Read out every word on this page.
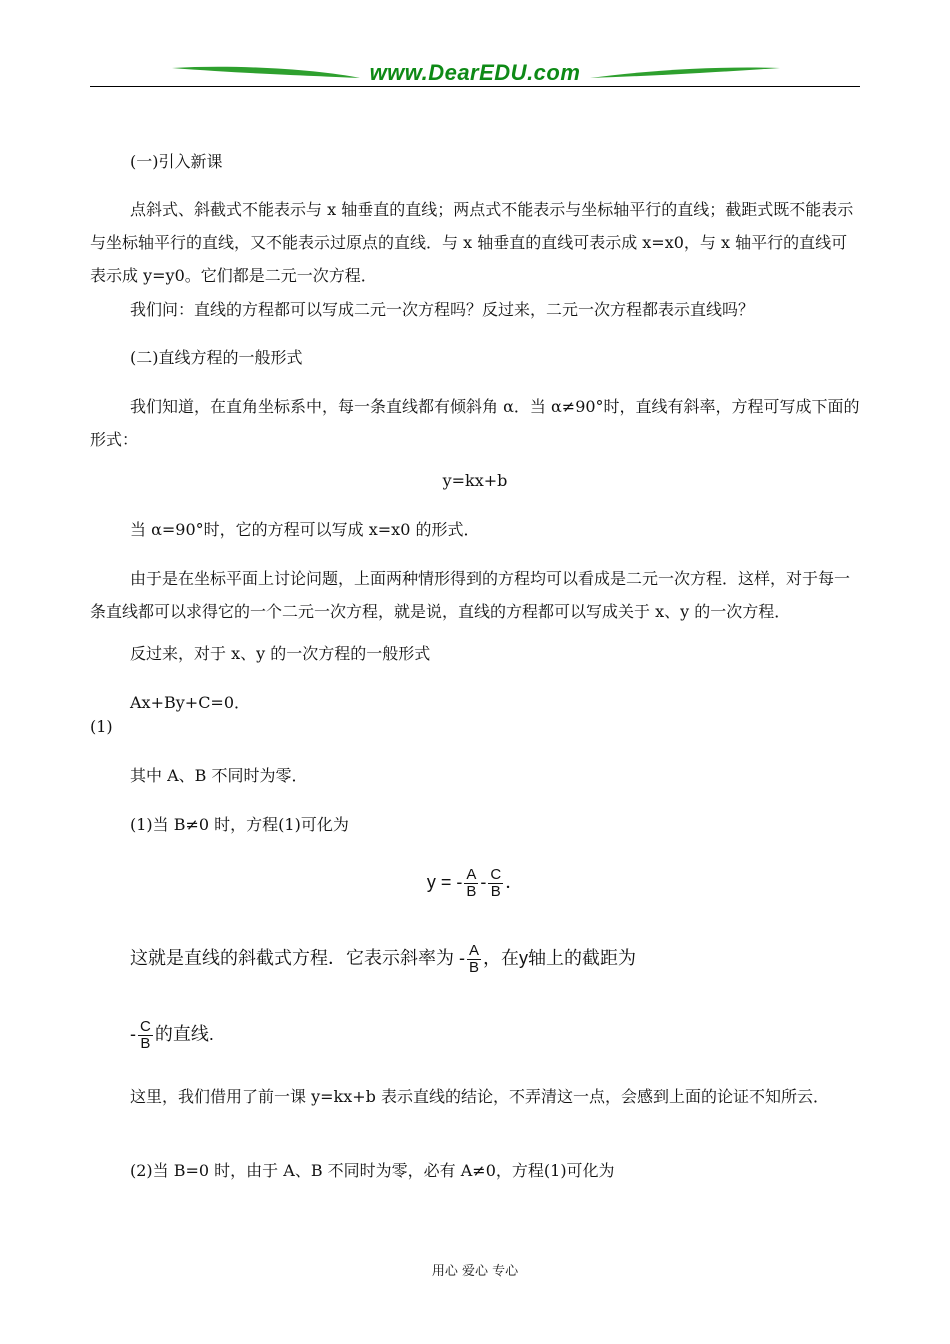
www.DearEDU.com

(一)引入新课

点斜式、斜截式不能表示与 x 轴垂直的直线；两点式不能表示与坐标轴平行的直线；截距式既不能表示与坐标轴平行的直线，又不能表示过原点的直线．与 x 轴垂直的直线可表示成 x=x0，与 x 轴平行的直线可表示成 y=y0。它们都是二元一次方程．

我们问：直线的方程都可以写成二元一次方程吗？反过来，二元一次方程都表示直线吗？

(二)直线方程的一般形式

我们知道，在直角坐标系中，每一条直线都有倾斜角 α．当 α≠90°时，直线有斜率，方程可写成下面的形式：

y=kx+b

当 α=90°时，它的方程可以写成 x=x0 的形式．

由于是在坐标平面上讨论问题，上面两种情形得到的方程均可以看成是二元一次方程．这样，对于每一条直线都可以求得它的一个二元一次方程，就是说，直线的方程都可以写成关于 x、y 的一次方程．

反过来，对于 x、y 的一次方程的一般形式

Ax+By+C=0．

(1)

其中 A、B 不同时为零．

(1)当 B≠0 时，方程(1)可化为

y = - $\frac{A}{B} - \frac{C}{B}$ ．
这就是直线的斜截式方程．它表示斜率为 - $\frac{A}{B}$ ，在y轴上的截距为
- $\frac{C}{B}$ 的直线.

这里，我们借用了前一课 y=kx+b 表示直线的结论，不弄清这一点，会感到上面的论证不知所云．

(2)当 B=0 时，由于 A、B 不同时为零，必有 A≠0，方程(1)可化为

用心 爱心 专心
